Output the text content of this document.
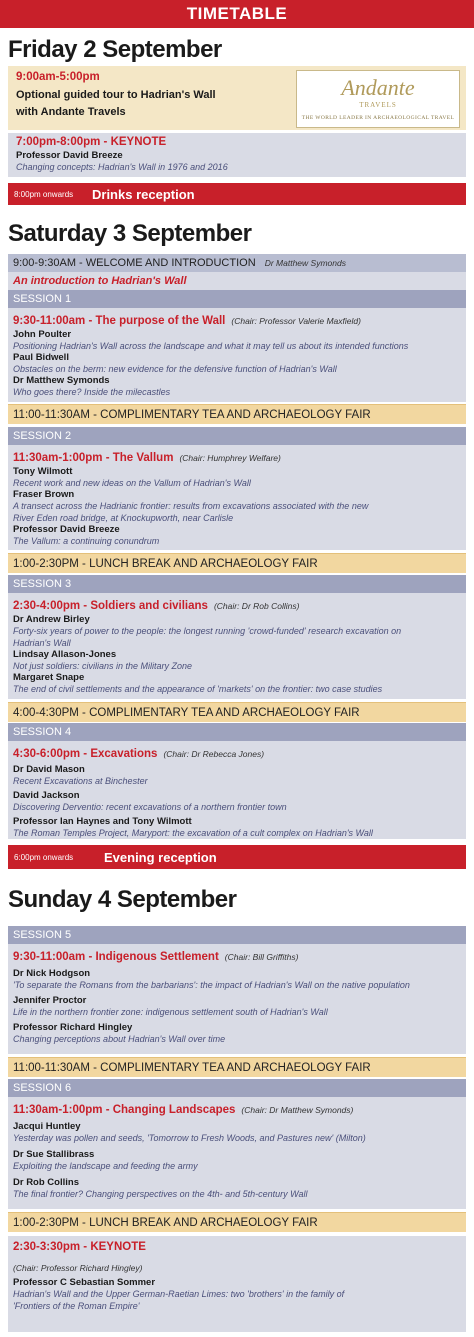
TIMETABLE
Friday 2 September
9:00am-5:00pm
Optional guided tour to Hadrian's Wall
with Andante Travels
Andante
TRAVELS
THE WORLD LEADER IN ARCHAEOLOGICAL TRAVEL
7:00pm-8:00pm - KEYNOTE
Professor David Breeze
Changing concepts: Hadrian's Wall in 1976 and 2016
8:00pm onwards	Drinks reception
Saturday 3 September
9:00-9:30AM - WELCOME AND INTRODUCTION Dr Matthew Symonds
An introduction to Hadrian's Wall
SESSION 1
9:30-11:00am - The purpose of the Wall (Chair: Professor Valerie Maxfield)
John Poulter
Positioning Hadrian's Wall across the landscape and what it may tell us about its intended functions
Paul Bidwell
Obstacles on the berm: new evidence for the defensive function of Hadrian's Wall
Dr Matthew Symonds
Who goes there? Inside the milecastles
11:00-11:30AM - COMPLIMENTARY TEA AND ARCHAEOLOGY FAIR
SESSION 2
11:30am-1:00pm - The Vallum (Chair: Humphrey Welfare)
Tony Wilmott
Recent work and new ideas on the Vallum of Hadrian's Wall
Fraser Brown
A transect across the Hadrianic frontier: results from excavations associated with the new
River Eden road bridge, at Knockupworth, near Carlisle
Professor David Breeze
The Vallum: a continuing conundrum
1:00-2:30PM - LUNCH BREAK AND ARCHAEOLOGY FAIR
SESSION 3
2:30-4:00pm - Soldiers and civilians (Chair: Dr Rob Collins)
Dr Andrew Birley
Forty-six years of power to the people: the longest running 'crowd-funded' research excavation on
Hadrian's Wall
Lindsay Allason-Jones
Not just soldiers: civilians in the Military Zone
Margaret Snape
The end of civil settlements and the appearance of 'markets' on the frontier: two case studies
4:00-4:30PM - COMPLIMENTARY TEA AND ARCHAEOLOGY FAIR
SESSION 4
4:30-6:00pm - Excavations (Chair: Dr Rebecca Jones)
Dr David Mason
Recent Excavations at Binchester
David Jackson
Discovering Derventio: recent excavations of a northern frontier town
Professor Ian Haynes and Tony Wilmott
The Roman Temples Project, Maryport: the excavation of a cult complex on Hadrian's Wall
6:00pm onwards	Evening reception
Sunday 4 September
SESSION 5
9:30-11:00am - Indigenous Settlement (Chair: Bill Griffiths)
Dr Nick Hodgson
'To separate the Romans from the barbarians': the impact of Hadrian's Wall on the native population
Jennifer Proctor
Life in the northern frontier zone: indigenous settlement south of Hadrian's Wall
Professor Richard Hingley
Changing perceptions about Hadrian's Wall over time
11:00-11:30AM - COMPLIMENTARY TEA AND ARCHAEOLOGY FAIR
SESSION 6
11:30am-1:00pm - Changing Landscapes (Chair: Dr Matthew Symonds)
Jacqui Huntley
Yesterday was pollen and seeds, 'Tomorrow to Fresh Woods, and Pastures new' (Milton)
Dr Sue Stallibrass
Exploiting the landscape and feeding the army
Dr Rob Collins
The final frontier? Changing perspectives on the 4th- and 5th-century Wall
1:00-2:30PM - LUNCH BREAK AND ARCHAEOLOGY FAIR
2:30-3:30pm - KEYNOTE
(Chair: Professor Richard Hingley)
Professor C Sebastian Sommer
Hadrian's Wall and the Upper German-Raetian Limes: two 'brothers' in the family of
'Frontiers of the Roman Empire'
